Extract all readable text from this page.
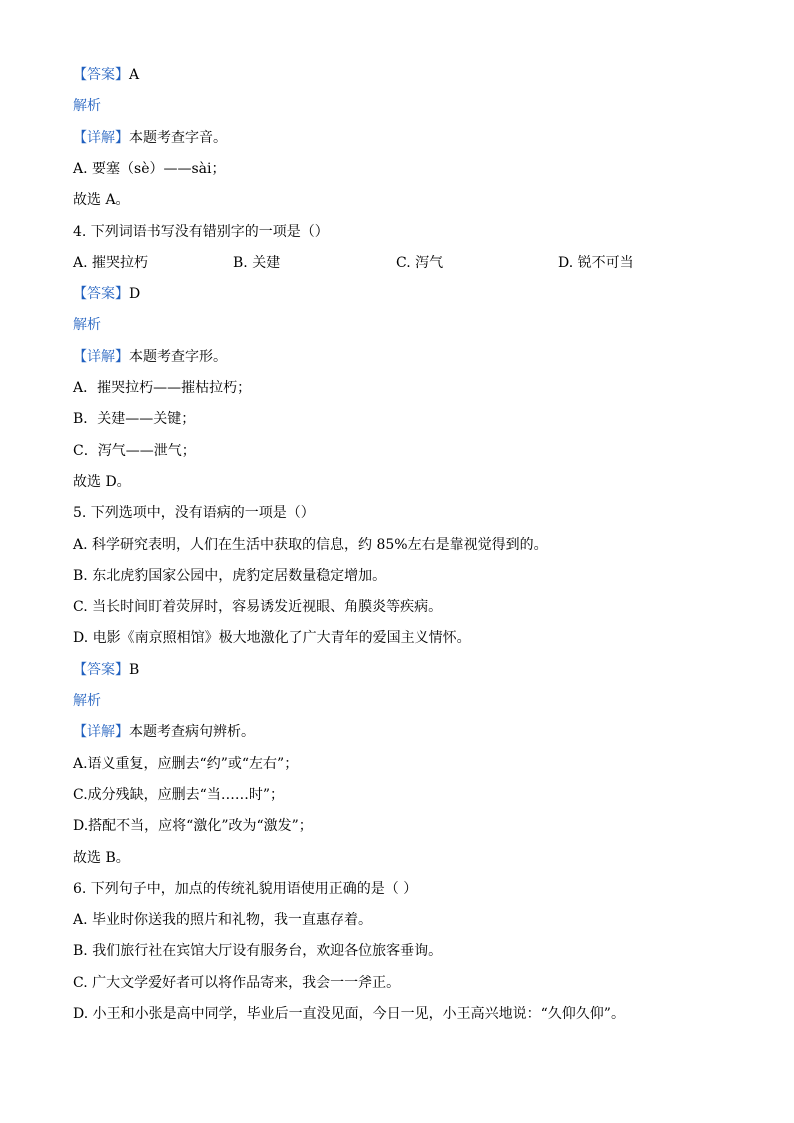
【答案】A
解析
【详解】本题考查字音。
A. 要塞（sè）——sài；
故选 A。
4. 下列词语书写没有错别字的一项是（）
A. 摧哭拉朽	B. 关建	C. 泻气	D. 锐不可当
【答案】D
解析
【详解】本题考查字形。
A．摧哭拉朽——摧枯拉朽；
B．关建——关键；
C．泻气——泄气；
故选 D。
5. 下列选项中，没有语病的一项是（）
A. 科学研究表明，人们在生活中获取的信息，约 85%左右是靠视觉得到的。
B. 东北虎豹国家公园中，虎豹定居数量稳定增加。
C. 当长时间盯着荧屏时，容易诱发近视眼、角膜炎等疾病。
D. 电影《南京照相馆》极大地激化了广大青年的爱国主义情怀。
【答案】B
解析
【详解】本题考查病句辨析。
A.语义重复，应删去“约”或“左右”；
C.成分残缺，应删去“当……时”；
D.搭配不当，应将“激化”改为“激发”；
故选 B。
6. 下列句子中，加点的传统礼貌用语使用正确的是（ ）
A. 毕业时你送我的照片和礼物，我一直惠存着。
B. 我们旅行社在宾馆大厅设有服务台，欢迎各位旅客垂询。
C. 广大文学爱好者可以将作品寄来，我会一一斧正。
D. 小王和小张是高中同学，毕业后一直没见面，今日一见，小王高兴地说：“久仰久仰”。
